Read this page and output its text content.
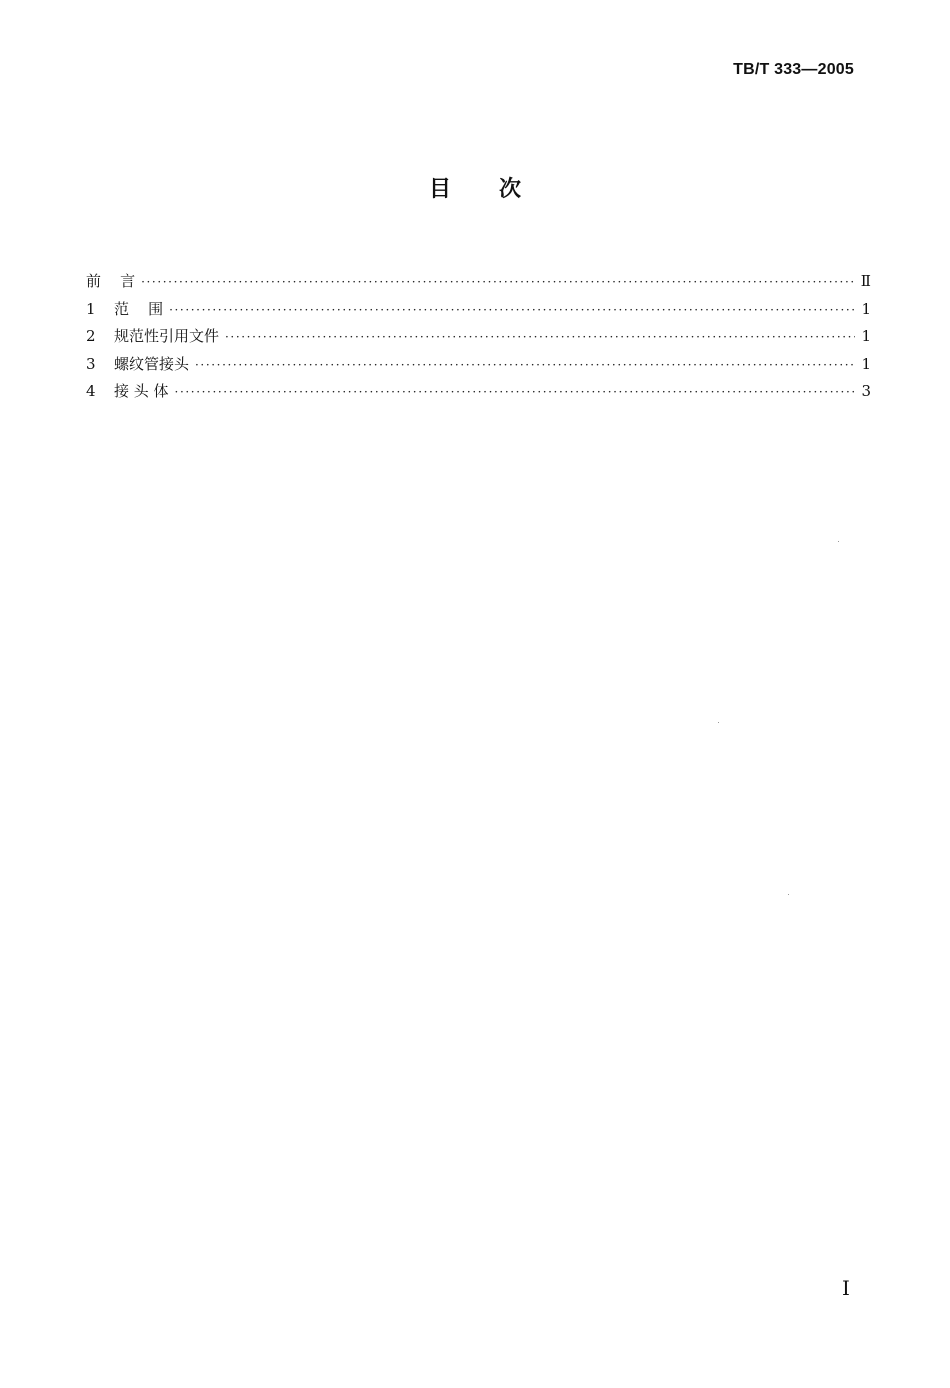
TB/T 333—2005
目 次
前    言 ·····	Ⅱ
1	范    围 ·····	1
2	规范性引用文件 ·····	1
3	螺纹管接头 ·····	1
4	接 头 体 ·····	3
I
